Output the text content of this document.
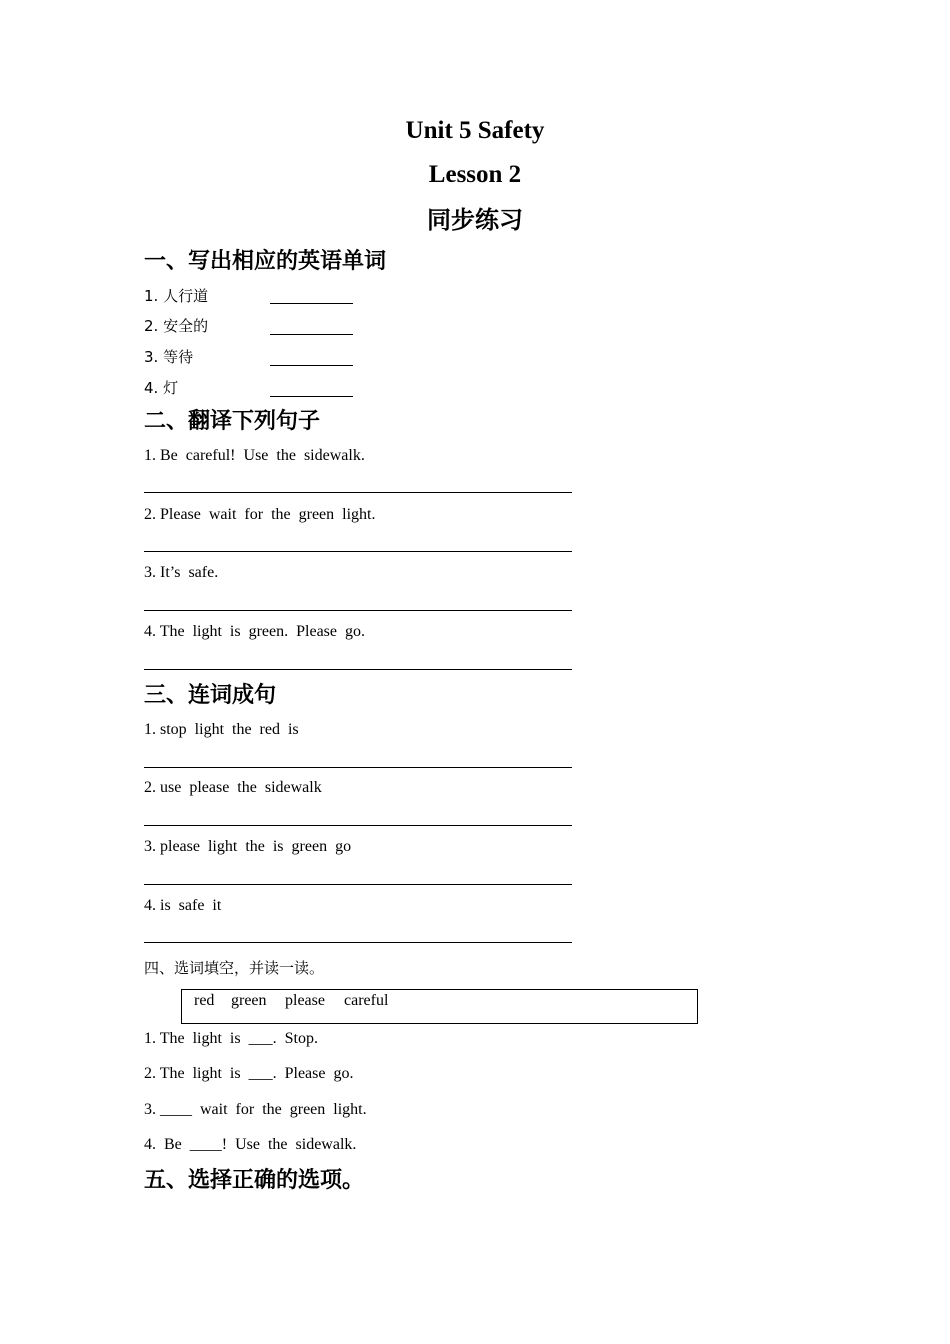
Unit 5 Safety
Lesson 2
同步练习
一、写出相应的英语单词
1. 人行道
2. 安全的
3. 等待
4. 灯
二、翻译下列句子
1. Be  careful!  Use  the  sidewalk.
2. Please  wait  for  the  green  light.
3. It’s  safe.
4. The  light  is  green.  Please  go.
三、连词成句
1. stop  light  the  red  is
2. use  please  the  sidewalk
3. please  light  the  is  green  go
4. is  safe  it
四、选词填空，并读一读。
red green please careful
1. The  light  is  ___.  Stop.
2. The  light  is  ___.  Please  go.
3. ____  wait  for  the  green  light.
4.  Be  ____!  Use  the  sidewalk.
五、选择正确的选项。
